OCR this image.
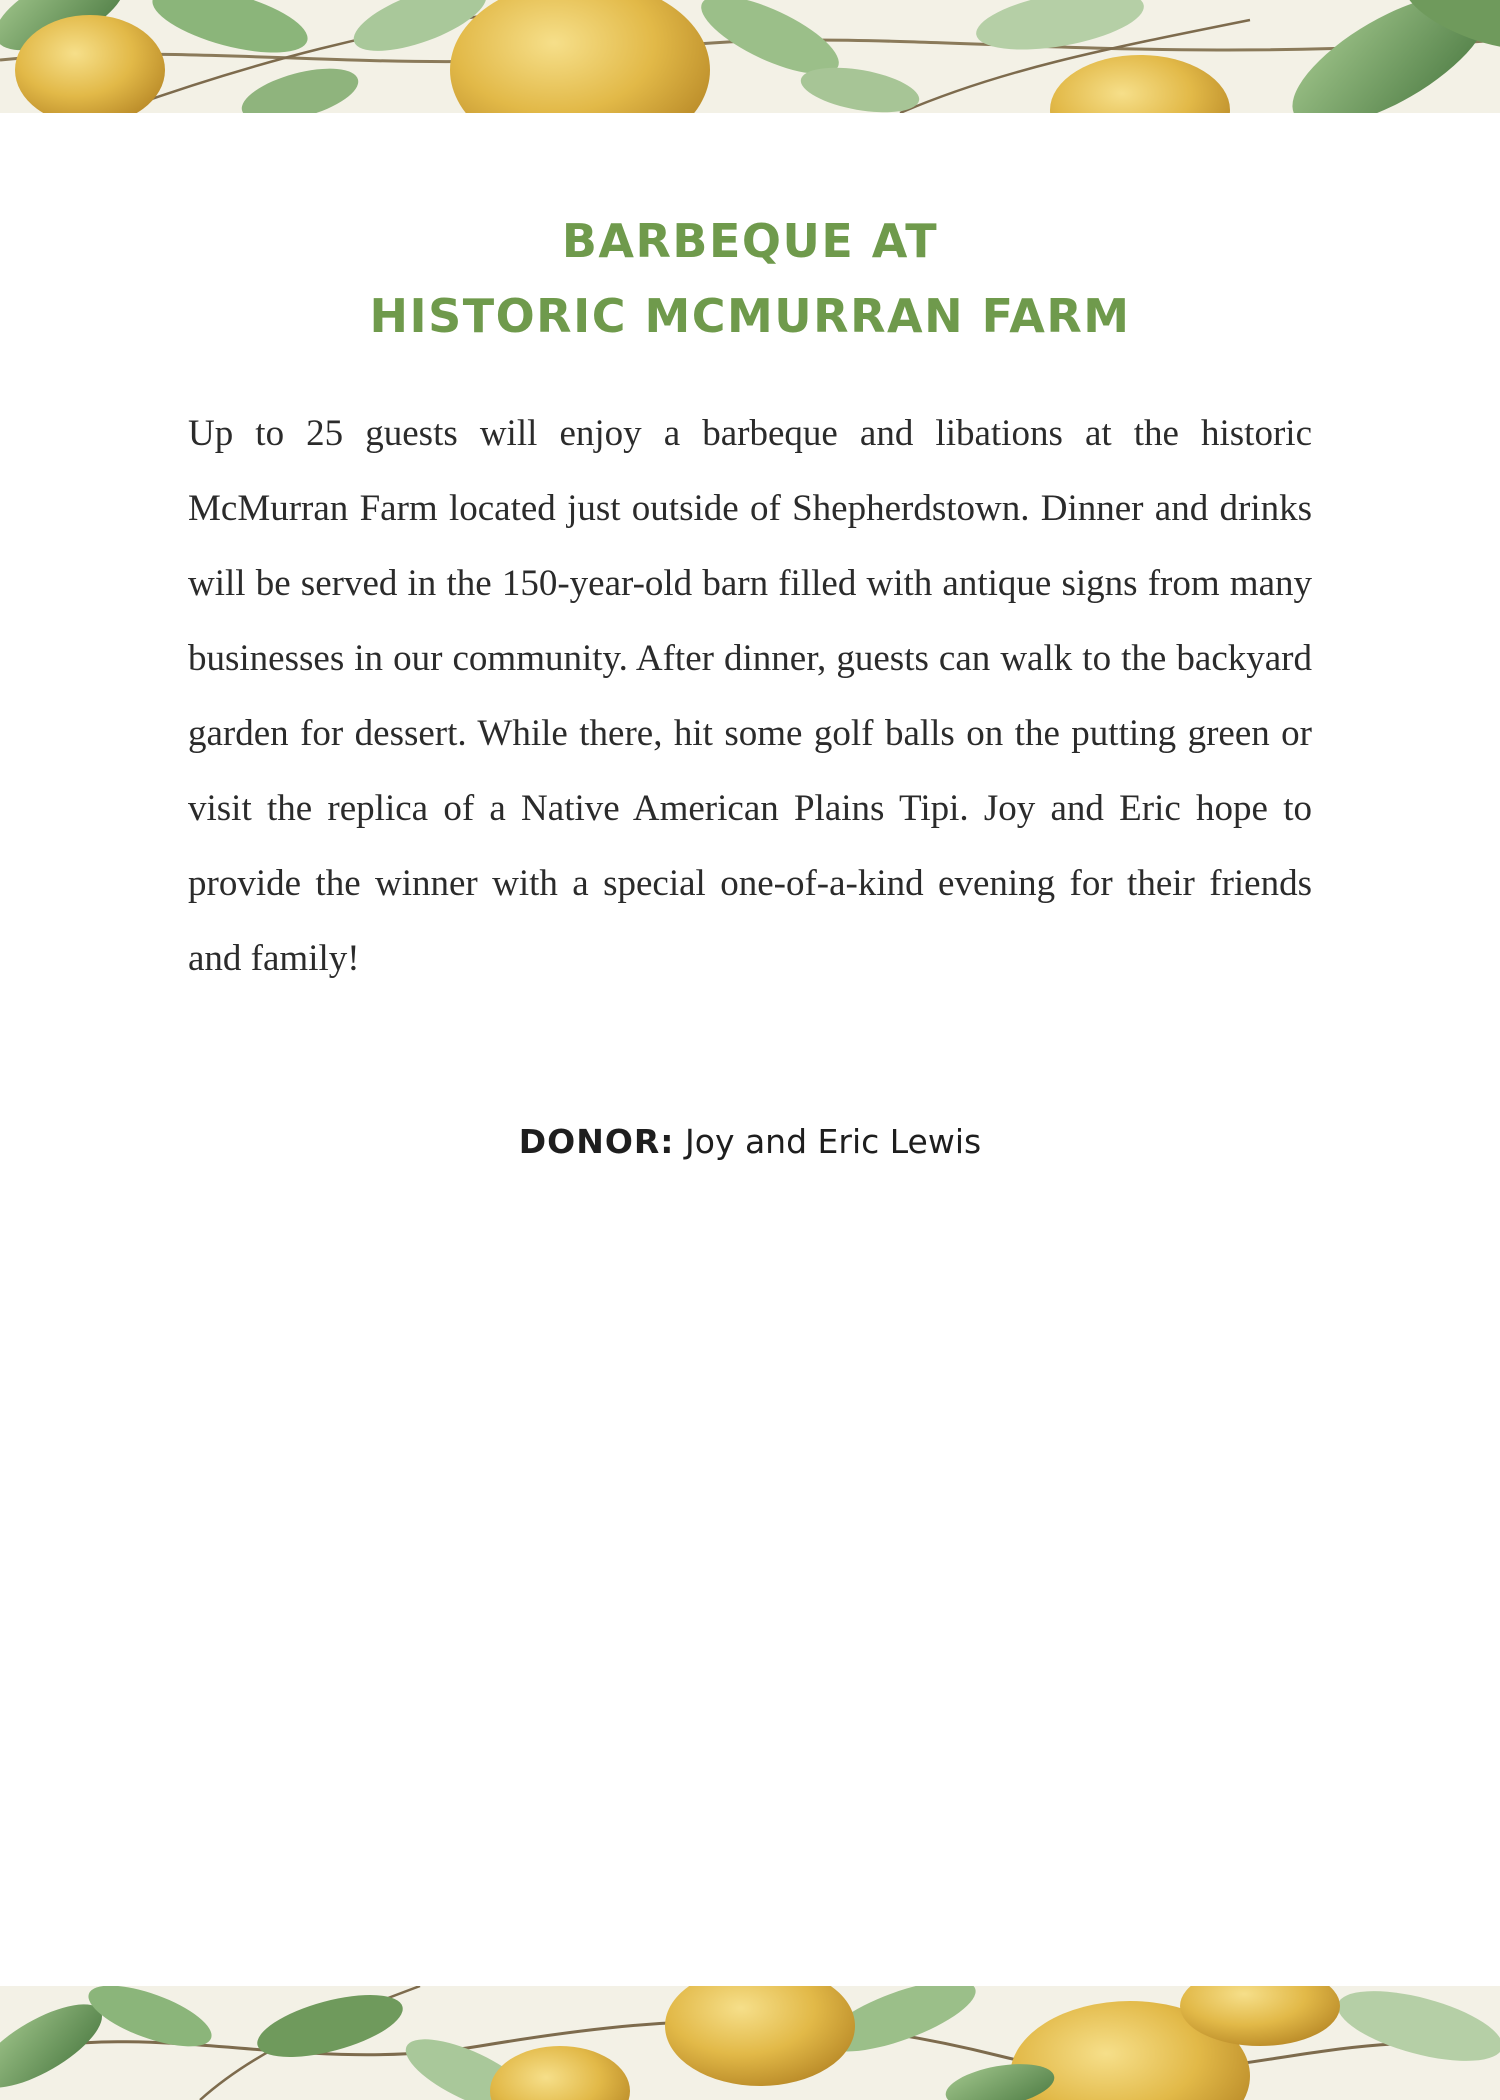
BARBEQUE AT
HISTORIC MCMURRAN FARM

Up to 25 guests will enjoy a barbeque and libations at the historic McMurran Farm located just outside of Shepherdstown. Dinner and drinks will be served in the 150-year-old barn filled with antique signs from many businesses in our community. After dinner, guests can walk to the backyard garden for dessert. While there, hit some golf balls on the putting green or visit the replica of a Native American Plains Tipi. Joy and Eric hope to provide the winner with a special one-of-a-kind evening for their friends and family!

DONOR: Joy and Eric Lewis
